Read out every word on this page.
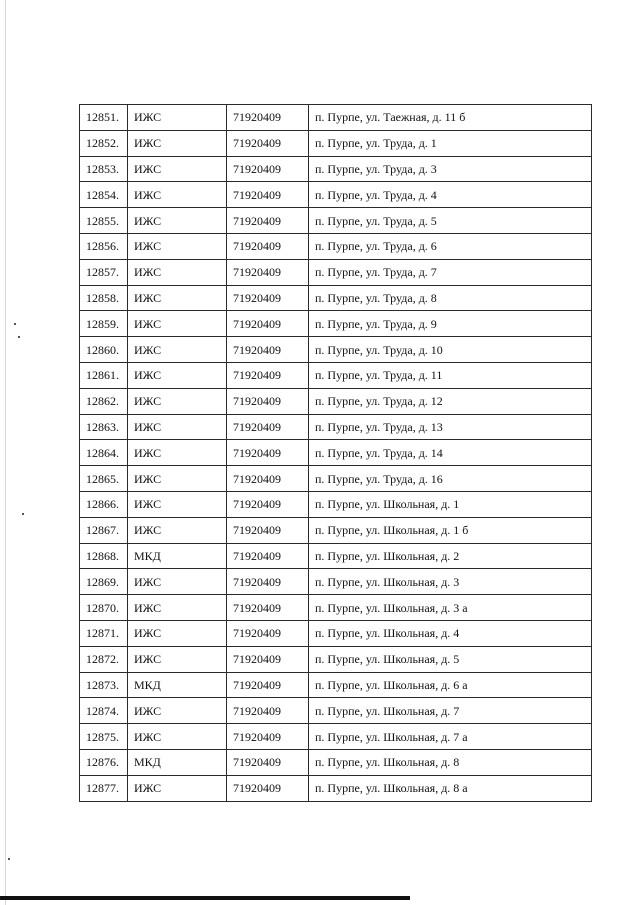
12851.	ИЖС	71920409	п. Пурпе, ул. Таежная, д. 11 б
12852.	ИЖС	71920409	п. Пурпе, ул. Труда, д. 1
12853.	ИЖС	71920409	п. Пурпе, ул. Труда, д. 3
12854.	ИЖС	71920409	п. Пурпе, ул. Труда, д. 4
12855.	ИЖС	71920409	п. Пурпе, ул. Труда, д. 5
12856.	ИЖС	71920409	п. Пурпе, ул. Труда, д. 6
12857.	ИЖС	71920409	п. Пурпе, ул. Труда, д. 7
12858.	ИЖС	71920409	п. Пурпе, ул. Труда, д. 8
12859.	ИЖС	71920409	п. Пурпе, ул. Труда, д. 9
12860.	ИЖС	71920409	п. Пурпе, ул. Труда, д. 10
12861.	ИЖС	71920409	п. Пурпе, ул. Труда, д. 11
12862.	ИЖС	71920409	п. Пурпе, ул. Труда, д. 12
12863.	ИЖС	71920409	п. Пурпе, ул. Труда, д. 13
12864.	ИЖС	71920409	п. Пурпе, ул. Труда, д. 14
12865.	ИЖС	71920409	п. Пурпе, ул. Труда, д. 16
12866.	ИЖС	71920409	п. Пурпе, ул. Школьная, д. 1
12867.	ИЖС	71920409	п. Пурпе, ул. Школьная, д. 1 б
12868.	МКД	71920409	п. Пурпе, ул. Школьная, д. 2
12869.	ИЖС	71920409	п. Пурпе, ул. Школьная, д. 3
12870.	ИЖС	71920409	п. Пурпе, ул. Школьная, д. 3 а
12871.	ИЖС	71920409	п. Пурпе, ул. Школьная, д. 4
12872.	ИЖС	71920409	п. Пурпе, ул. Школьная, д. 5
12873.	МКД	71920409	п. Пурпе, ул. Школьная, д. 6 а
12874.	ИЖС	71920409	п. Пурпе, ул. Школьная, д. 7
12875.	ИЖС	71920409	п. Пурпе, ул. Школьная, д. 7 а
12876.	МКД	71920409	п. Пурпе, ул. Школьная, д. 8
12877.	ИЖС	71920409	п. Пурпе, ул. Школьная, д. 8 а
